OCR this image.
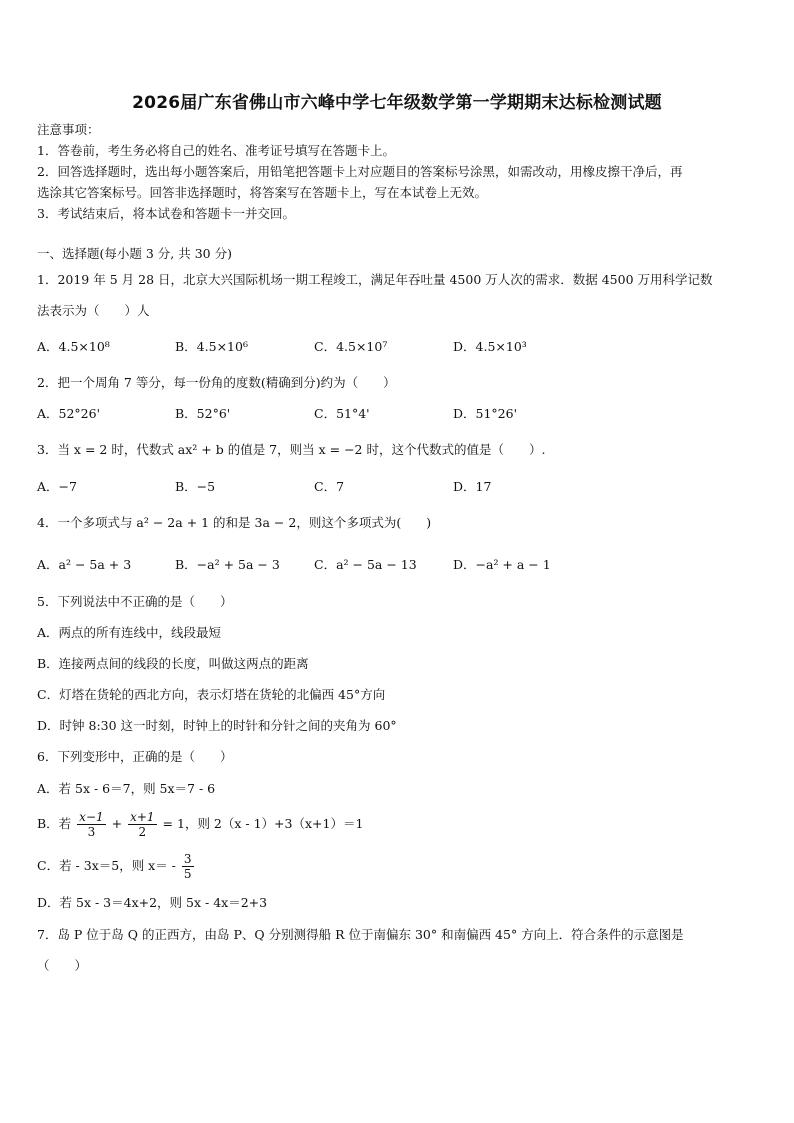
2026届广东省佛山市六峰中学七年级数学第一学期期末达标检测试题
注意事项：
1．答卷前，考生务必将自己的姓名、准考证号填写在答题卡上。
2．回答选择题时，选出每小题答案后，用铅笔把答题卡上对应题目的答案标号涂黑，如需改动，用橡皮擦干净后，再
选涂其它答案标号。回答非选择题时，将答案写在答题卡上，写在本试卷上无效。
3．考试结束后，将本试卷和答题卡一并交回。
一、选择题(每小题 3 分, 共 30 分)
1．2019 年 5 月 28 日，北京大兴国际机场一期工程竣工，满足年吞吐量 4500 万人次的需求．数据 4500 万用科学记数
法表示为（　　）人
A．4.5×10⁸	B．4.5×10⁶	C．4.5×10⁷	D．4.5×10³
2．把一个周角 7 等分，每一份角的度数(精确到分)约为（　　）
A．52°26'	B．52°6'	C．51°4'	D．51°26'
3．当 x = 2 时，代数式 ax² + b 的值是 7，则当 x = −2 时，这个代数式的值是（　　）.
A．−7	B．−5	C．7	D．17
4．一个多项式与 a² − 2a + 1 的和是 3a − 2，则这个多项式为(　　)
A．a² − 5a + 3	B．−a² + 5a − 3	C．a² − 5a − 13	D．−a² + a − 1
5．下列说法中不正确的是（　　）
A．两点的所有连线中，线段最短
B．连接两点间的线段的长度，叫做这两点的距离
C．灯塔在货轮的西北方向，表示灯塔在货轮的北偏西 45°方向
D．时钟 8:30 这一时刻，时钟上的时针和分针之间的夹角为 60°
6．下列变形中，正确的是（　　）
A．若 5x - 6＝7，则 5x＝7 - 6
B．若 $\frac{x-1}{3} + \frac{x+1}{2} = 1$，则 2（x - 1）+3（x+1）＝1
C．若 - 3x＝5，则 $x= - \frac{3}{5}$
D．若 5x - 3＝4x+2，则 5x - 4x＝2+3
7．岛 P 位于岛 Q 的正西方，由岛 P、Q 分别测得船 R 位于南偏东 30° 和南偏西 45° 方向上．符合条件的示意图是
（　　）
